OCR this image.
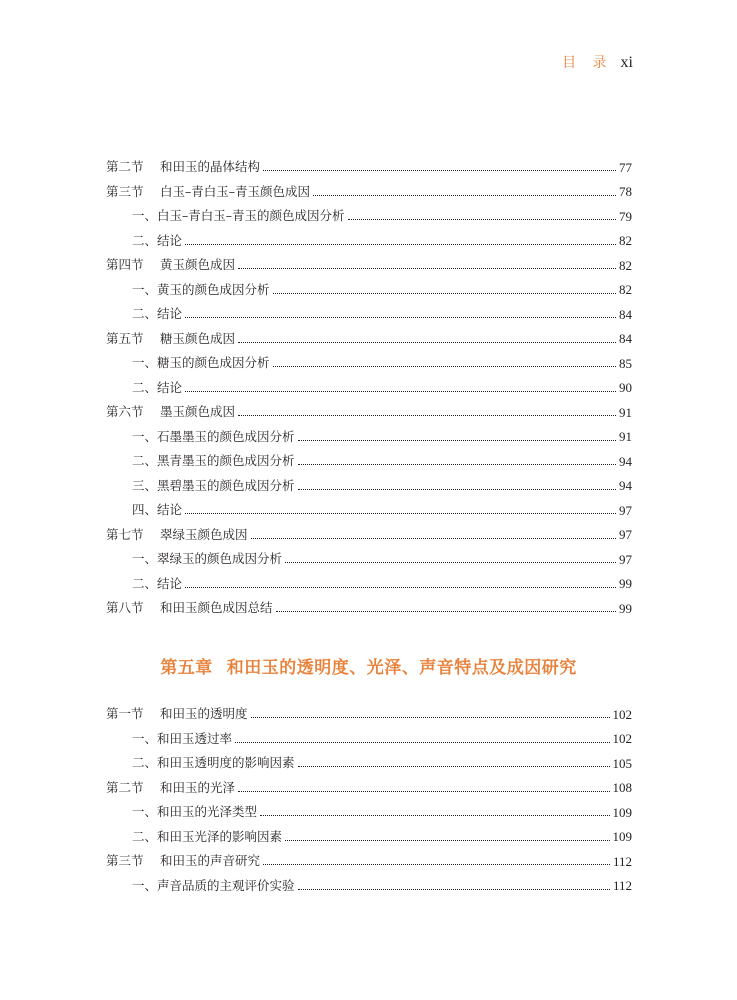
目 录 xi
第二节	和田玉的晶体结构	77
第三节	白玉–青白玉–青玉颜色成因	78
一、白玉–青白玉–青玉的颜色成因分析	79
二、结论	82
第四节	黄玉颜色成因	82
一、黄玉的颜色成因分析	82
二、结论	84
第五节	糖玉颜色成因	84
一、糖玉的颜色成因分析	85
二、结论	90
第六节	墨玉颜色成因	91
一、石墨墨玉的颜色成因分析	91
二、黑青墨玉的颜色成因分析	94
三、黑碧墨玉的颜色成因分析	94
四、结论	97
第七节	翠绿玉颜色成因	97
一、翠绿玉的颜色成因分析	97
二、结论	99
第八节	和田玉颜色成因总结	99
第五章 和田玉的透明度、光泽、声音特点及成因研究
第一节	和田玉的透明度	102
一、和田玉透过率	102
二、和田玉透明度的影响因素	105
第二节	和田玉的光泽	108
一、和田玉的光泽类型	109
二、和田玉光泽的影响因素	109
第三节	和田玉的声音研究	112
一、声音品质的主观评价实验	112
